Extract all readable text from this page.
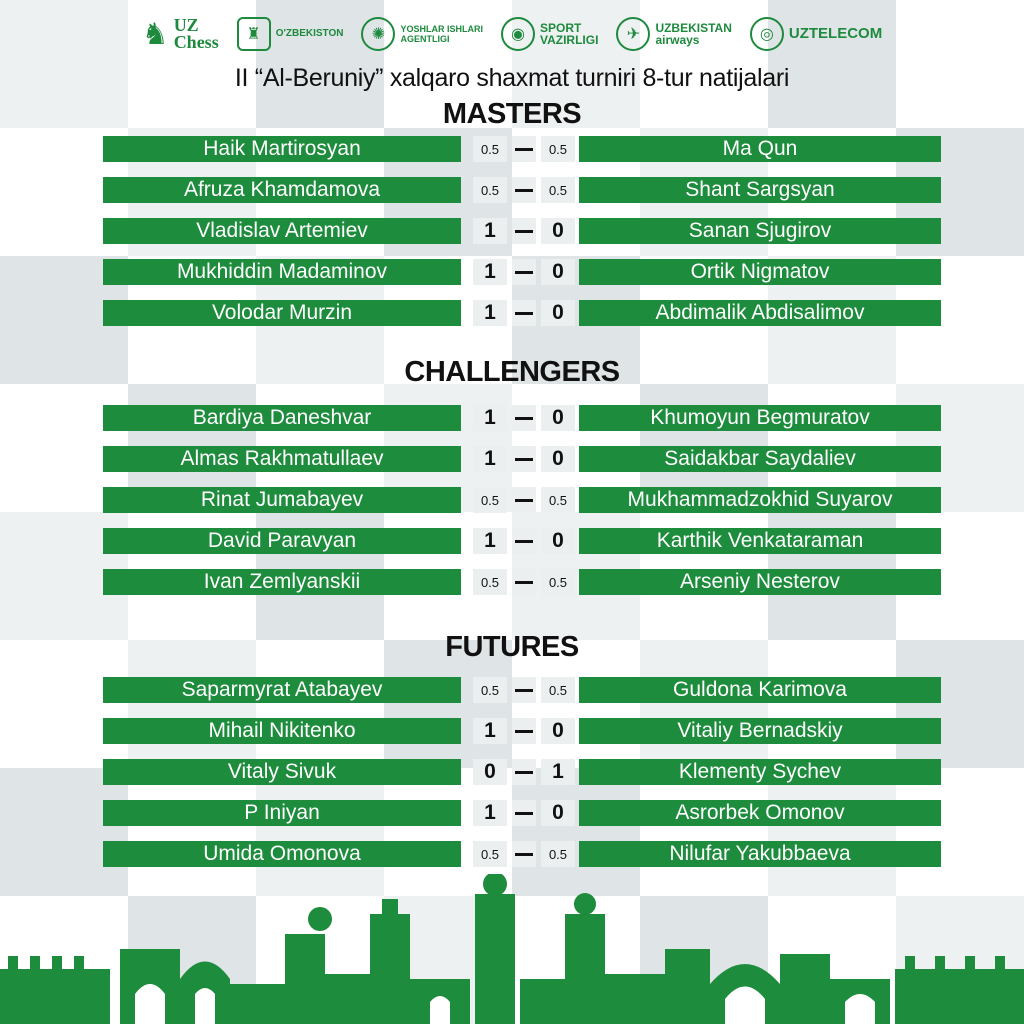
♞ UZ
Chess	♜	O'ZBEKISTON	✺	YOSHLAR ISHLARI
AGENTLIGI	◉	SPORT
VAZIRLIGI	✈	UZBEKISTAN
airways	◎	UZTELECOM
II “Al-Beruniy” xalqaro shaxmat turniri 8-tur natijalari
MASTERS
CHALLENGERS
FUTURES
Haik Martirosyan	0.5	0.5	Ma Qun
Afruza Khamdamova	0.5	0.5	Shant Sargsyan
Vladislav Artemiev	1	0	Sanan Sjugirov
Mukhiddin Madaminov	1	0	Ortik Nigmatov
Volodar Murzin	1	0	Abdimalik Abdisalimov
Bardiya Daneshvar	1	0	Khumoyun Begmuratov
Almas Rakhmatullaev	1	0	Saidakbar Saydaliev
Rinat Jumabayev	0.5	0.5	Mukhammadzokhid Suyarov
David Paravyan	1	0	Karthik Venkataraman
Ivan Zemlyanskii	0.5	0.5	Arseniy Nesterov
Saparmyrat Atabayev	0.5	0.5	Guldona Karimova
Mihail Nikitenko	1	0	Vitaliy Bernadskiy
Vitaly Sivuk	0	1	Klementy Sychev
P Iniyan	1	0	Asrorbek Omonov
Umida Omonova	0.5	0.5	Nilufar Yakubbaeva
